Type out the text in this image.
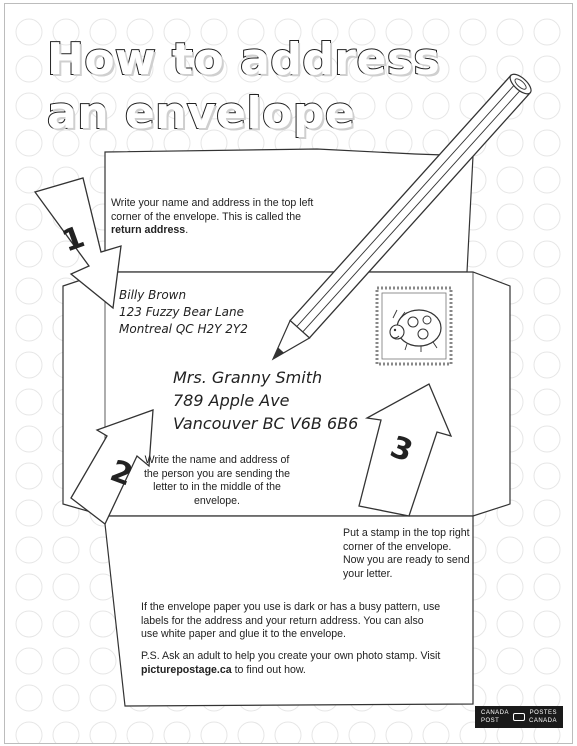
How to address
an envelope
1
2
3
Write your name and address in the top left corner of the envelope. This is called the return address.
Billy Brown
123 Fuzzy Bear Lane
Montreal QC H2Y 2Y2
Mrs. Granny Smith
789 Apple Ave
Vancouver BC V6B 6B6
Write the name and address of the person you are sending the letter to in the middle of the envelope.
Put a stamp in the top right corner of the envelope. Now you are ready to send your letter.
If the envelope paper you use is dark or has a busy pattern, use labels for the address and your return address. You can also use white paper and glue it to the envelope.
P.S. Ask an adult to help you create your own photo stamp. Visit picturepostage.ca to find out how.
CANADA
POST
POSTES
CANADA
